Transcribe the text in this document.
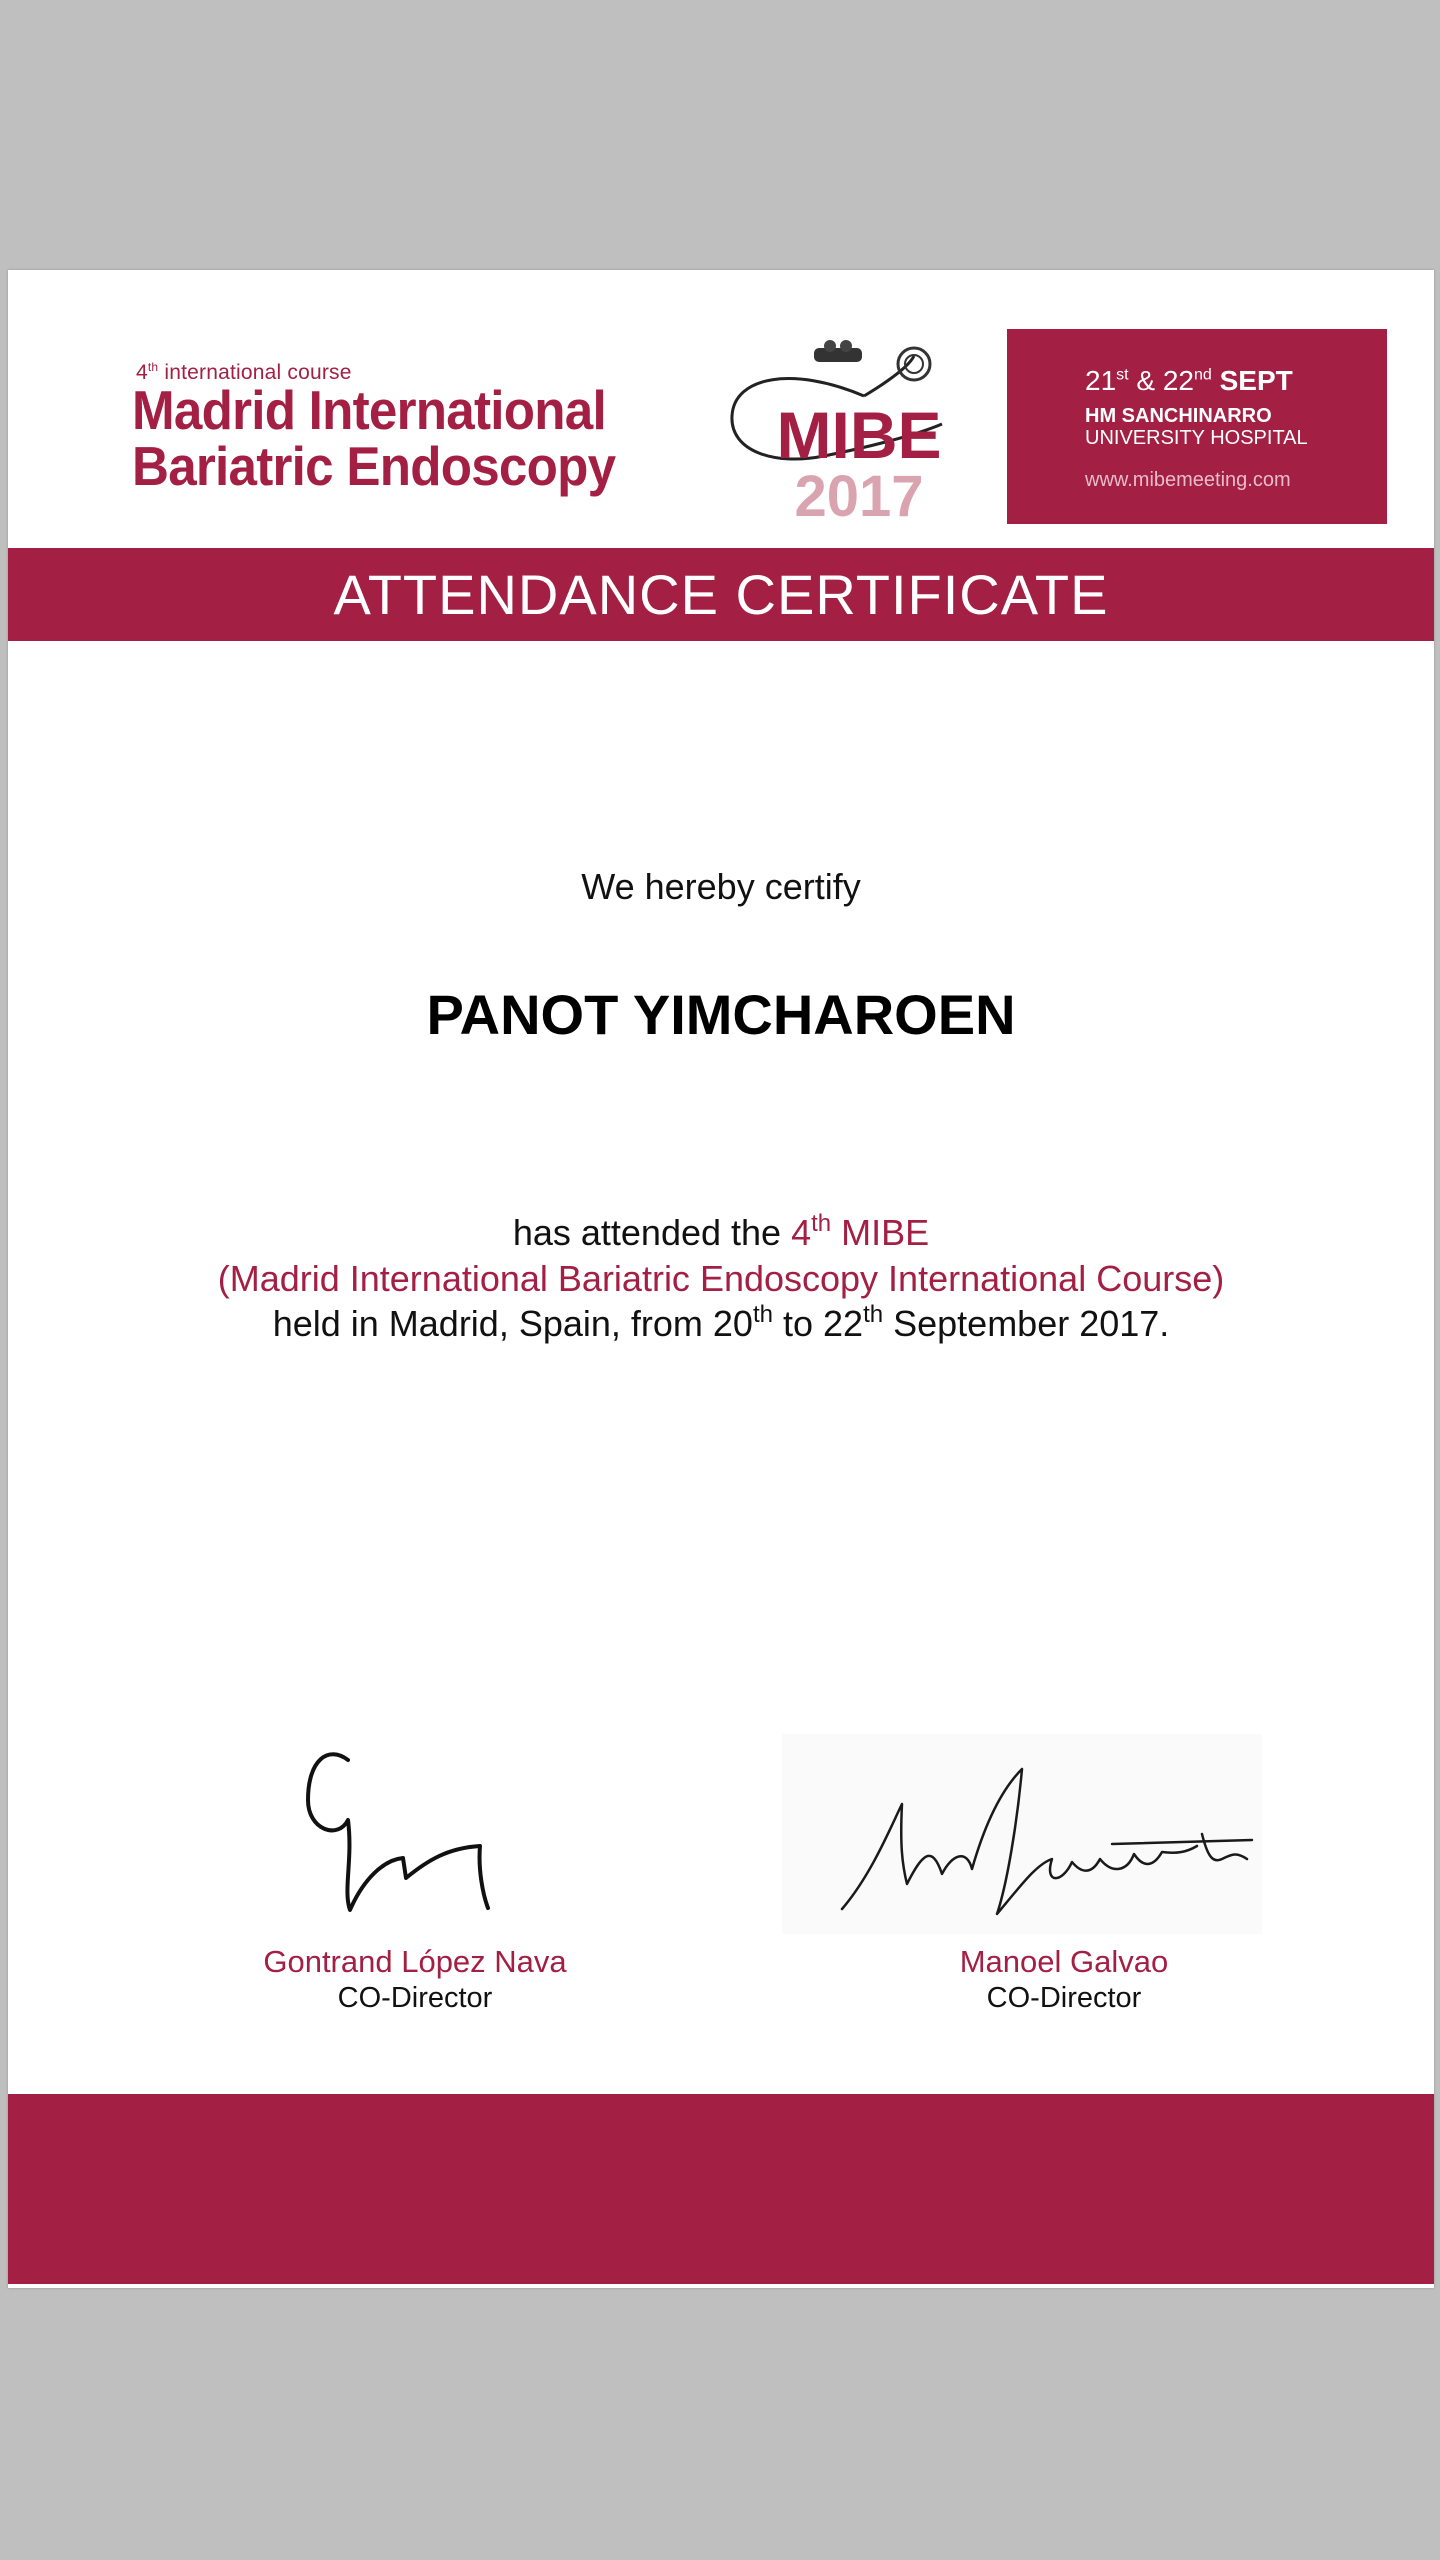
4th international course
Madrid International
Bariatric Endoscopy MIBE
2017
21st & 22nd SEPT
HM SANCHINARRO
UNIVERSITY HOSPITAL
www.mibemeeting.com
ATTENDANCE CERTIFICATE
We hereby certify
PANOT YIMCHAROEN
has attended the 4th MIBE
(Madrid International Bariatric Endoscopy International Course)
held in Madrid, Spain, from 20th to 22th September 2017.
Gontrand López Nava
CO-Director
Manoel Galvao
CO-Director
